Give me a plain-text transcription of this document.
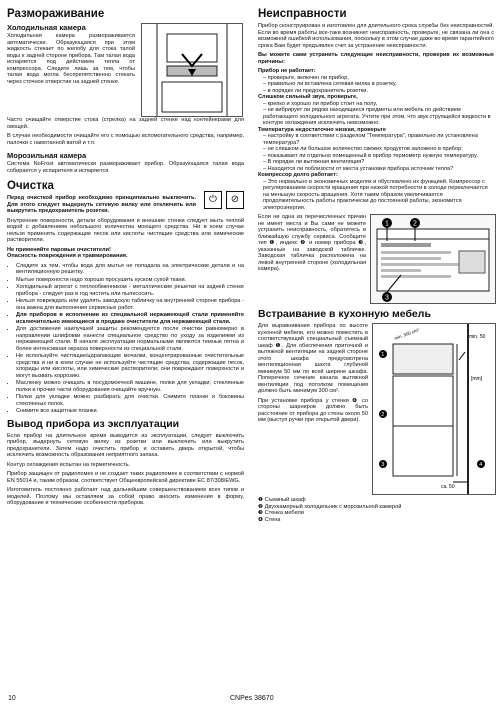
Размораживание
Холодильная камера

Холодильная камера размораживается автоматически. Образующаяся при этом жидкость стекает по желобу для стока талой воды к задней стороне прибора. Там талая вода испаряется под действием тепла от компрессора. Следите лишь за тем, чтобы талая вода могла беспрепятственно стекать через сточное отверстие на задней стенке.

Часто очищайте отверстие стока (стрелка) на задней стенке над контейнерами для овощей.

В случае необходимости очищайте его с помощью вспомогательного средства, например, палочки с намотанной ватой и т.п.

Морозильная камера

Система NoFrost автоматически размораживает прибор. Образующаяся талая вода собирается у испарителя и испаряется.

Очистка

Перед очисткой прибор необходимо принципиально выключить. Для этого следует выдернуть сетевую вилку или отключить или выкрутить предохранитель розетки.

⏻	⊘

Внутренние поверхности, детали оборудования и внешние стенки следует мыть теплой водой с добавлением небольшого количества моющего средства. Ни в коем случае нельзя применять содержащие песок или кислоты чистящие средства или химические растворители.

Не применяйте паровые очистители!

Опасность повреждения и травмирования.

• Следите за тем, чтобы вода для мытья не попадала на электрические детали и на вентиляционную решетку.
• Мытые поверхности надо хорошо просушить куском сухой ткани.
• Холодильный агрегат с теплообменником - металлические решетки на задней стенке прибора - следует раз в год чистить или пылесосить.
• Нельзя повреждать или удалять заводскую табличку на внутренней стороне прибора - она важна для выполнения сервисных работ.
• Для приборов в исполнении из специальной нержавеющей стали применяйте исключительно имеющиеся в продаже очистители для нержавеющей стали.
• Для достижения наилучшей защиты рекомендуется после очистки равномерно в направлении шлифовки нанести специальное средство по уходу за изделиями из нержавеющей стали. В начале эксплуатации нормальными являются темные пятна и более интенсивная окраска поверхности из специальной стали.
• Не используйте чистящие/царапающие мочалки, концентрированные очистительные средства и ни в коем случае не используйте чистящие средства, содержащие песок, хлориды или кислоты, или химические растворители; они повреждают поверхности и могут вызвать коррозию.
• Масленку можно очищать в посудомоечной машине, полки для укладки, стеклянные полки и прочие части оборудования очищайте вручную.
• Полки для укладки можно разбирать для очистки. Снимите планки и боковины стеклянных полок.
• Снимите все защитные планки.
Вывод прибора из эксплуатации

Если прибор на длительное время выводится из эксплуатации, следует выключить прибор, выдернуть сетевую вилку из розетки или выключить или выкрутить предохранители. Затем надо очистить прибор и оставить дверь открытой, чтобы исключить возможность образования неприятного запаха.

Контур охлаждения испытан на герметичность.

Прибор защищен от радиопомех и не создает таких радиопомех в соответствии с нормой EN 55014 и, таким образом, соответствует Общеевропейской директиве ЕС 87/308/EWG.

Изготовитель постоянно работает над дальнейшим совершенствованием всех типов и моделей. Поэтому мы оставляем за собой право вносить изменения в форму, оборудование и технические особенности приборов.

Неисправности

Прибор сконструирован и изготовлен для длительного срока службы без неисправностей. Если во время работы все-таки возникнет неисправность, проверьте, не связана ли она с возможной ошибкой использования, поскольку в этом случае даже во время гарантийного срока Вам будет предъявлен счет за устранение неисправности.

Вы можете сами устранить следующие неисправности, проверив их возможные причины:

Прибор не работает:

– проверьте, включен ли прибор,
– правильно ли вставлена сетевая вилка в розетку,
– в порядке ли предохранитель розетки.

Слишком сильный звук, проверьте,

– крепко и хорошо ли прибор стоит на полу,
– не вибрирует ли рядом находящиеся предметы или мебель по действием работающего холодильного агрегата. Учтите при этом, что звук струящейся жидкости в контуре охлаждения исключить невозможно.

Температура недостаточно низкая, проверьте

– настройку в соответствии с разделом "Температура", правильно ли установлена температура?
– не слишком ли большое количество свежих продуктов заложено в прибор;
– показывает ли отдельно помещенный в прибор термометр нужную температуру.
– В порядке ли вытяжная вентиляция?
– Находится ли поблизости от места установки прибора источник тепла?

Компрессор долго работает:

– Это нормально в экономичных моделях и обусловлено их функцией. Компрессор с регулированием скорости вращения при низкой потребности в холоде переключается на меньшую скорость вращения. Хотя таким образом увеличивается продолжительность работы практически до постоянной работы, экономится электроэнергия.

Если ни одна из перечисленных причин не имеет места и Вы сами не можете устранить неисправность, обратитесь в ближайшую службу сервиса. Сообщите тип ❶, индекс ❷ и номер прибора ❸, указанные на заводской табличке. Заводская табличка расположена на левой внутренней стороне (холодильная камера).

1	2
3
Встраивание в кухонную мебель

Для выравнивания прибора по высоте кухонной мебели, его можно поместить в соответствующий специальный съемный шкаф ❶. Для обеспечения приточной и вытяжной вентиляции на задней стороне этого шкафа предусмотрена вентиляционная шахта глубиной минимум 50 мм по всей ширине шкафа. Поперечное сечение канала вытяжной вентиляции под потолком помещения должно быть минимум 300 см².

При установке прибора у стенки ❹ со стороны шарниров должно быть расстояние от прибора до стены около 50 мм (выступ ручки при открытой двери).

min. 50
[mm]
ca. 50
min. 300 cm²
1
2
3	4
❶ Съемный шкаф
❷ Двухкамерный холодильник с морозильной камерой
❸ Стенка мебели
❹ Стена
10	CNPes 38670
